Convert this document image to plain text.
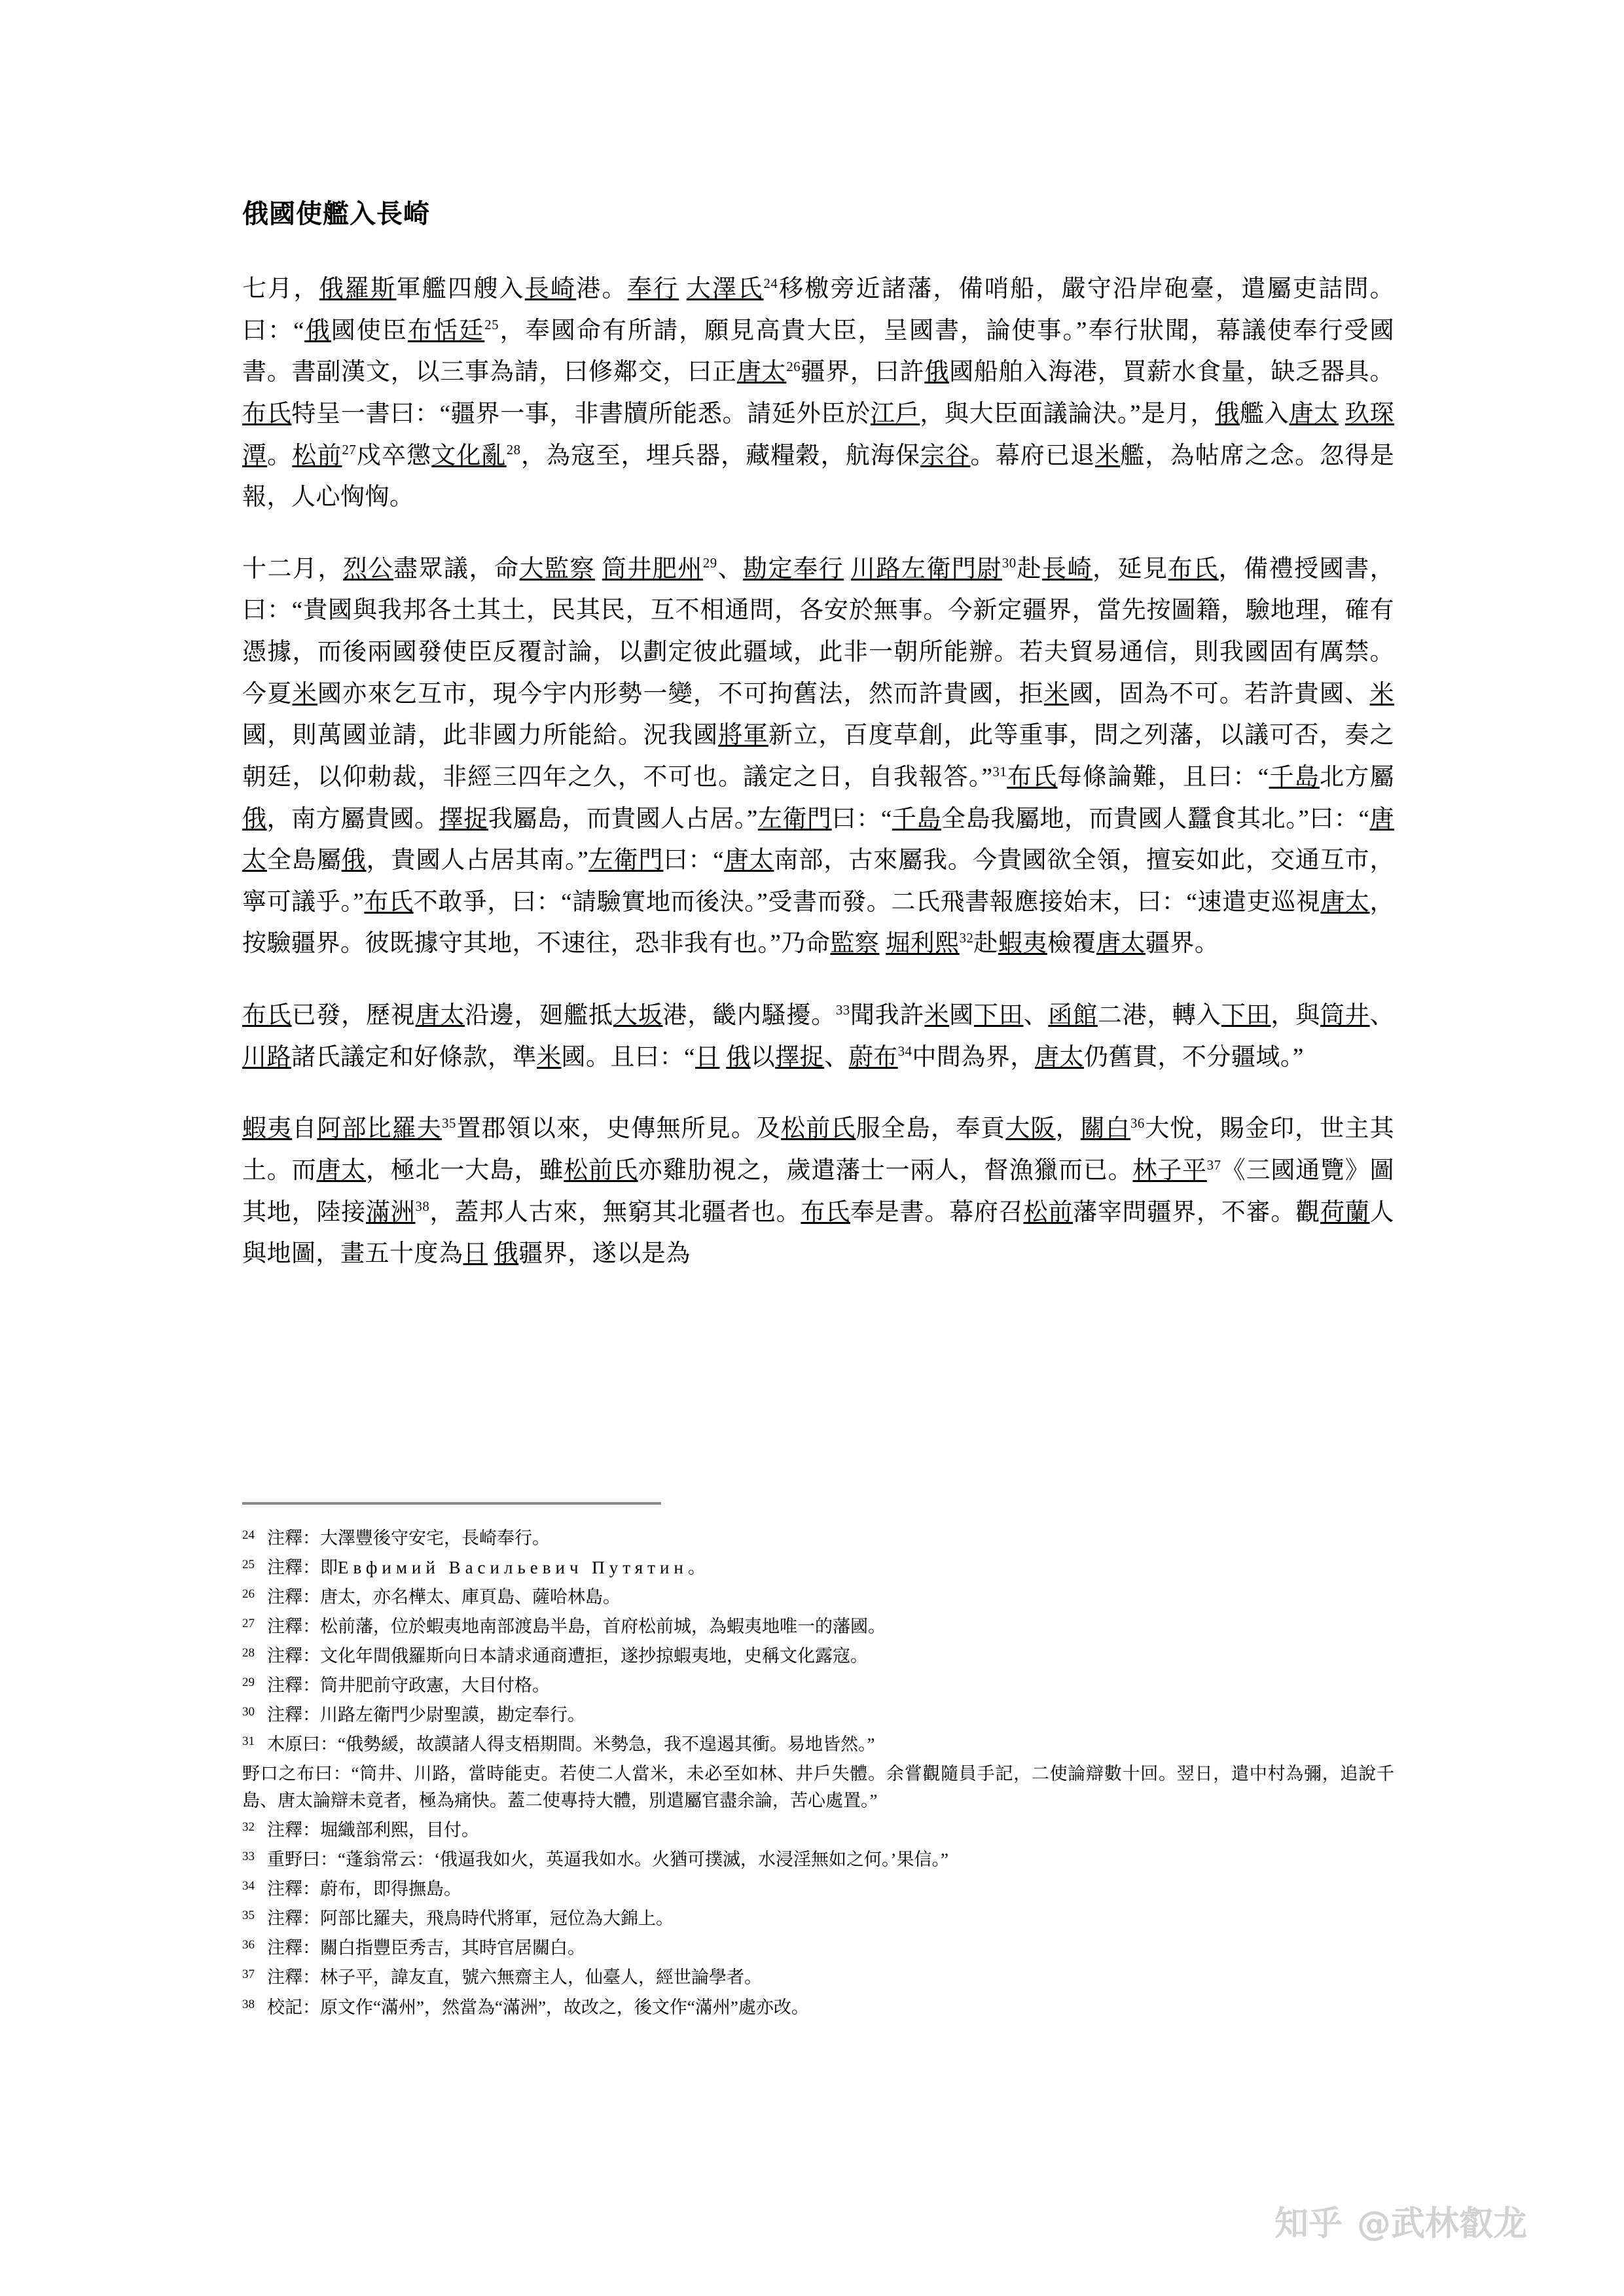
俄國使艦入長崎

七月，俄羅斯軍艦四艘入長崎港。奉行 大澤氏$^{24}$移檄旁近諸藩，備哨船，嚴守沿岸砲臺，遣屬吏詰問。曰：“俄國使臣布恬廷$^{25}$，奉國命有所請，願見高貴大臣，呈國書，論使事。”奉行狀聞，幕議使奉行受國書。書副漢文，以三事為請，曰修鄰交，曰正唐太$^{26}$疆界，曰許俄國船舶入海港，買薪水食量，缺乏器具。布氏特呈一書曰：“疆界一事，非書牘所能悉。請延外臣於江戶，與大臣面議論決。”是月，俄艦入唐太 玖琛潭。松前$^{27}$戍卒懲文化亂$^{28}$，為寇至，埋兵器，藏糧穀，航海保宗谷。幕府已退米艦，為帖席之念。忽得是報，人心恟恟。

十二月，烈公盡眾議，命大監察 筒井肥州$^{29}$、勘定奉行 川路左衛門尉$^{30}$赴長崎，延見布氏，備禮授國書，曰：“貴國與我邦各土其土，民其民，互不相通問，各安於無事。今新定疆界，當先按圖籍，驗地理，確有憑據，而後兩國發使臣反覆討論，以劃定彼此疆域，此非一朝所能辦。若夫貿易通信，則我國固有厲禁。今夏米國亦來乞互市，現今宇内形勢一變，不可拘舊法，然而許貴國，拒米國，固為不可。若許貴國、米國，則萬國並請，此非國力所能給。況我國將軍新立，百度草創，此等重事，問之列藩，以議可否，奏之朝廷，以仰勅裁，非經三四年之久，不可也。議定之日，自我報答。”$^{31}$布氏每條論難，且曰：“千島北方屬俄，南方屬貴國。擇捉我屬島，而貴國人占居。”左衛門曰：“千島全島我屬地，而貴國人蠶食其北。”曰：“唐太全島屬俄，貴國人占居其南。”左衛門曰：“唐太南部，古來屬我。今貴國欲全領，擅妄如此，交通互市，寧可議乎。”布氏不敢爭，曰：“請驗實地而後決。”受書而發。二氏飛書報應接始末，曰：“速遣吏巡視唐太，按驗疆界。彼既據守其地，不速往，恐非我有也。”乃命監察 堀利熙$^{32}$赴蝦夷檢覆唐太疆界。

布氏已發，歷視唐太沿邊，廻艦抵大坂港，畿内騷擾。$^{33}$聞我許米國下田、函館二港，轉入下田，與筒井、川路諸氏議定和好條款，準米國。且曰：“日 俄以擇捉、蔚布$^{34}$中間為界，唐太仍舊貫，不分疆域。”

蝦夷自阿部比羅夫$^{35}$置郡領以來，史傳無所見。及松前氏服全島，奉貢大阪，關白$^{36}$大悅，賜金印，世主其土。而唐太，極北一大島，雖松前氏亦雞肋視之，歲遣藩士一兩人，督漁獵而已。林子平$^{37}$《三國通覽》圖其地，陸接滿洲$^{38}$，蓋邦人古來，無窮其北疆者也。布氏奉是書。幕府召松前藩宰問疆界，不審。觀荷蘭人與地圖，畫五十度為日 俄疆界，遂以是為

24 注釋：大澤豐後守安宅，長崎奉行。
25 注釋：即Евфимий Васильевич Путятин。
26 注釋：唐太，亦名樺太、庫頁島、薩哈林島。
27 注釋：松前藩，位於蝦夷地南部渡島半島，首府松前城，為蝦夷地唯一的藩國。
28 注釋：文化年間俄羅斯向日本請求通商遭拒，遂抄掠蝦夷地，史稱文化露寇。
29 注釋：筒井肥前守政憲，大目付格。
30 注釋：川路左衛門少尉聖謨，勘定奉行。
31 木原曰：“俄勢緩，故謨諸人得支梧期間。米勢急，我不遑遏其衝。易地皆然。”
野口之布曰：“筒井、川路，當時能吏。若使二人當米，未必至如林、井戶失體。余嘗觀隨員手記，二使論辯數十回。翌日，遣中村為彌，追說千島、唐太論辯未竟者，極為痛快。蓋二使專持大體，別遣屬官盡余論，苦心處置。”
32 注釋：堀織部利熙，目付。
33 重野曰：“蓬翁常云：‘俄逼我如火，英逼我如水。火猶可撲滅，水浸淫無如之何。’果信。”
34 注釋：蔚布，即得撫島。
35 注釋：阿部比羅夫，飛鳥時代將軍，冠位為大錦上。
36 注釋：關白指豐臣秀吉，其時官居關白。
37 注釋：林子平，諱友直，號六無齋主人，仙臺人，經世論學者。
38 校記：原文作“滿州”，然當為“滿洲”，故改之，後文作“滿州”處亦改。
知乎 @武林叡龙
